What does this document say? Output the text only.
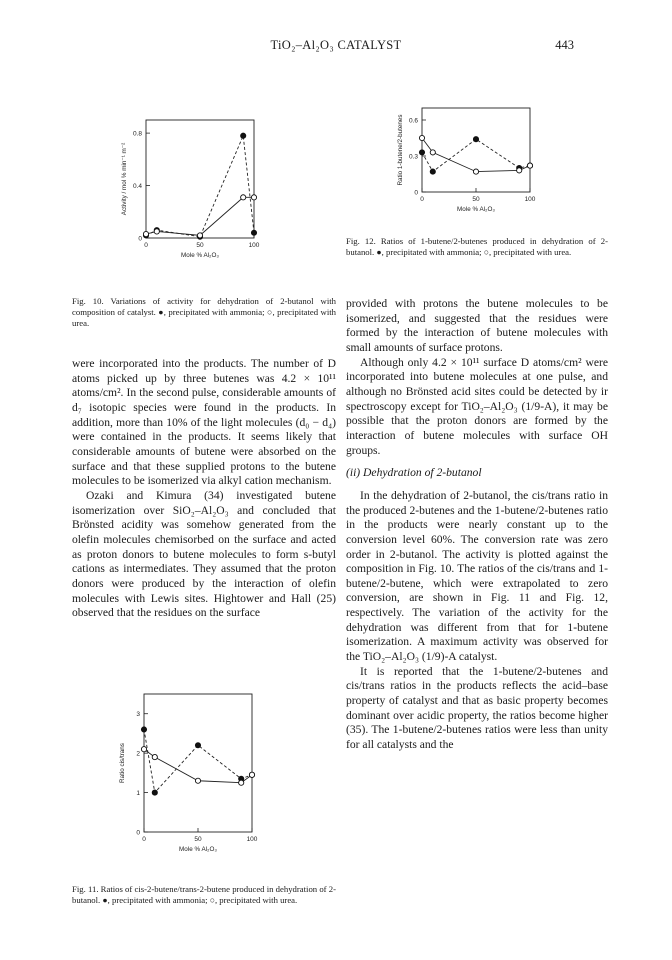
TiO₂–Al₂O₃ CATALYST	443
0
0.4
0.8
0	50	100
Mole % Al₂O₃
Activity / mol % min⁻¹ m⁻²
Fig. 10. Variations of activity for dehydration of 2-butanol with composition of catalyst. ●, precipitated with ammonia; ○, precipitated with urea.
0
0.3
0.6
0	50	100
Mole % Al₂O₃
Ratio 1-butene/2-butenes
Fig. 12. Ratios of 1-butene/2-butenes produced in dehydration of 2-butanol. ●, precipitated with ammonia; ○, precipitated with urea.
0
1
2
3
0	50	100
Mole % Al₂O₃
Ratio cis/trans
Fig. 11. Ratios of cis-2-butene/trans-2-butene produced in dehydration of 2-butanol. ●, precipitated with ammonia; ○, precipitated with urea.

were incorporated into the products. The number of D atoms picked up by three butenes was 4.2 × 10¹¹ atoms/cm². In the second pulse, considerable amounts of d₇ isotopic species were found in the products. In addition, more than 10% of the light molecules (d₀ − d₄) were contained in the products. It seems likely that considerable amounts of butene were absorbed on the surface and that these supplied protons to the butene molecules to be isomerized via alkyl cation mechanism.

Ozaki and Kimura (34) investigated butene isomerization over SiO₂–Al₂O₃ and concluded that Brönsted acidity was somehow generated from the olefin molecules chemisorbed on the surface and acted as proton donors to butene molecules to form s-butyl cations as intermediates. They assumed that the proton donors were produced by the interaction of olefin molecules with Lewis sites. Hightower and Hall (25) observed that the residues on the surface

provided with protons the butene molecules to be isomerized, and suggested that the residues were formed by the interaction of butene molecules with small amounts of surface protons.

Although only 4.2 × 10¹¹ surface D atoms/cm² were incorporated into butene molecules at one pulse, and although no Brönsted acid sites could be detected by ir spectroscopy except for TiO₂–Al₂O₃ (1/9-A), it may be possible that the proton donors are formed by the interaction of butene molecules with surface OH groups.

(ii) Dehydration of 2-butanol

In the dehydration of 2-butanol, the cis/trans ratio in the produced 2-butenes and the 1-butene/2-butenes ratio in the products were nearly constant up to the conversion level 60%. The conversion rate was zero order in 2-butanol. The activity is plotted against the composition in Fig. 10. The ratios of the cis/trans and 1-butene/2-butene, which were extrapolated to zero conversion, are shown in Fig. 11 and Fig. 12, respectively. The variation of the activity for the dehydration was different from that for 1-butene isomerization. A maximum activity was observed for the TiO₂–Al₂O₃ (1/9)-A catalyst.

It is reported that the 1-butene/2-butenes and cis/trans ratios in the products reflects the acid–base property of catalyst and that as basic property becomes dominant over acidic property, the ratios become higher (35). The 1-butene/2-butenes ratios were less than unity for all catalysts and the
